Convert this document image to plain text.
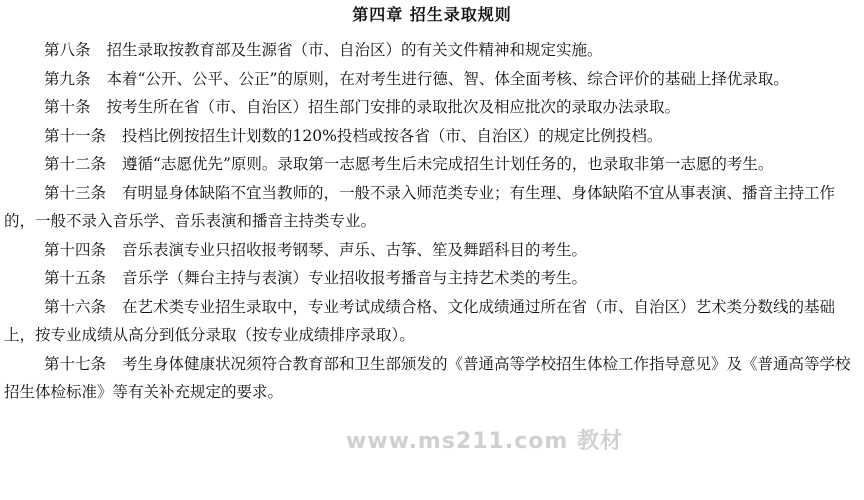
第四章 招生录取规则

第八条 招生录取按教育部及生源省（市、自治区）的有关文件精神和规定实施。

第九条 本着“公开、公平、公正”的原则，在对考生进行德、智、体全面考核、综合评价的基础上择优录取。

第十条 按考生所在省（市、自治区）招生部门安排的录取批次及相应批次的录取办法录取。

第十一条 投档比例按招生计划数的120%投档或按各省（市、自治区）的规定比例投档。

第十二条 遵循“志愿优先”原则。录取第一志愿考生后未完成招生计划任务的，也录取非第一志愿的考生。

第十三条 有明显身体缺陷不宜当教师的，一般不录入师范类专业；有生理、身体缺陷不宜从事表演、播音主持工作的，一般不录入音乐学、音乐表演和播音主持类专业。

第十四条 音乐表演专业只招收报考钢琴、声乐、古筝、笙及舞蹈科目的考生。

第十五条 音乐学（舞台主持与表演）专业招收报考播音与主持艺术类的考生。

第十六条 在艺术类专业招生录取中，专业考试成绩合格、文化成绩通过所在省（市、自治区）艺术类分数线的基础上，按专业成绩从高分到低分录取（按专业成绩排序录取）。

第十七条 考生身体健康状况须符合教育部和卫生部颁发的《普通高等学校招生体检工作指导意见》及《普通高等学校招生体检标准》等有关补充规定的要求。

www.ms211.com 教材
